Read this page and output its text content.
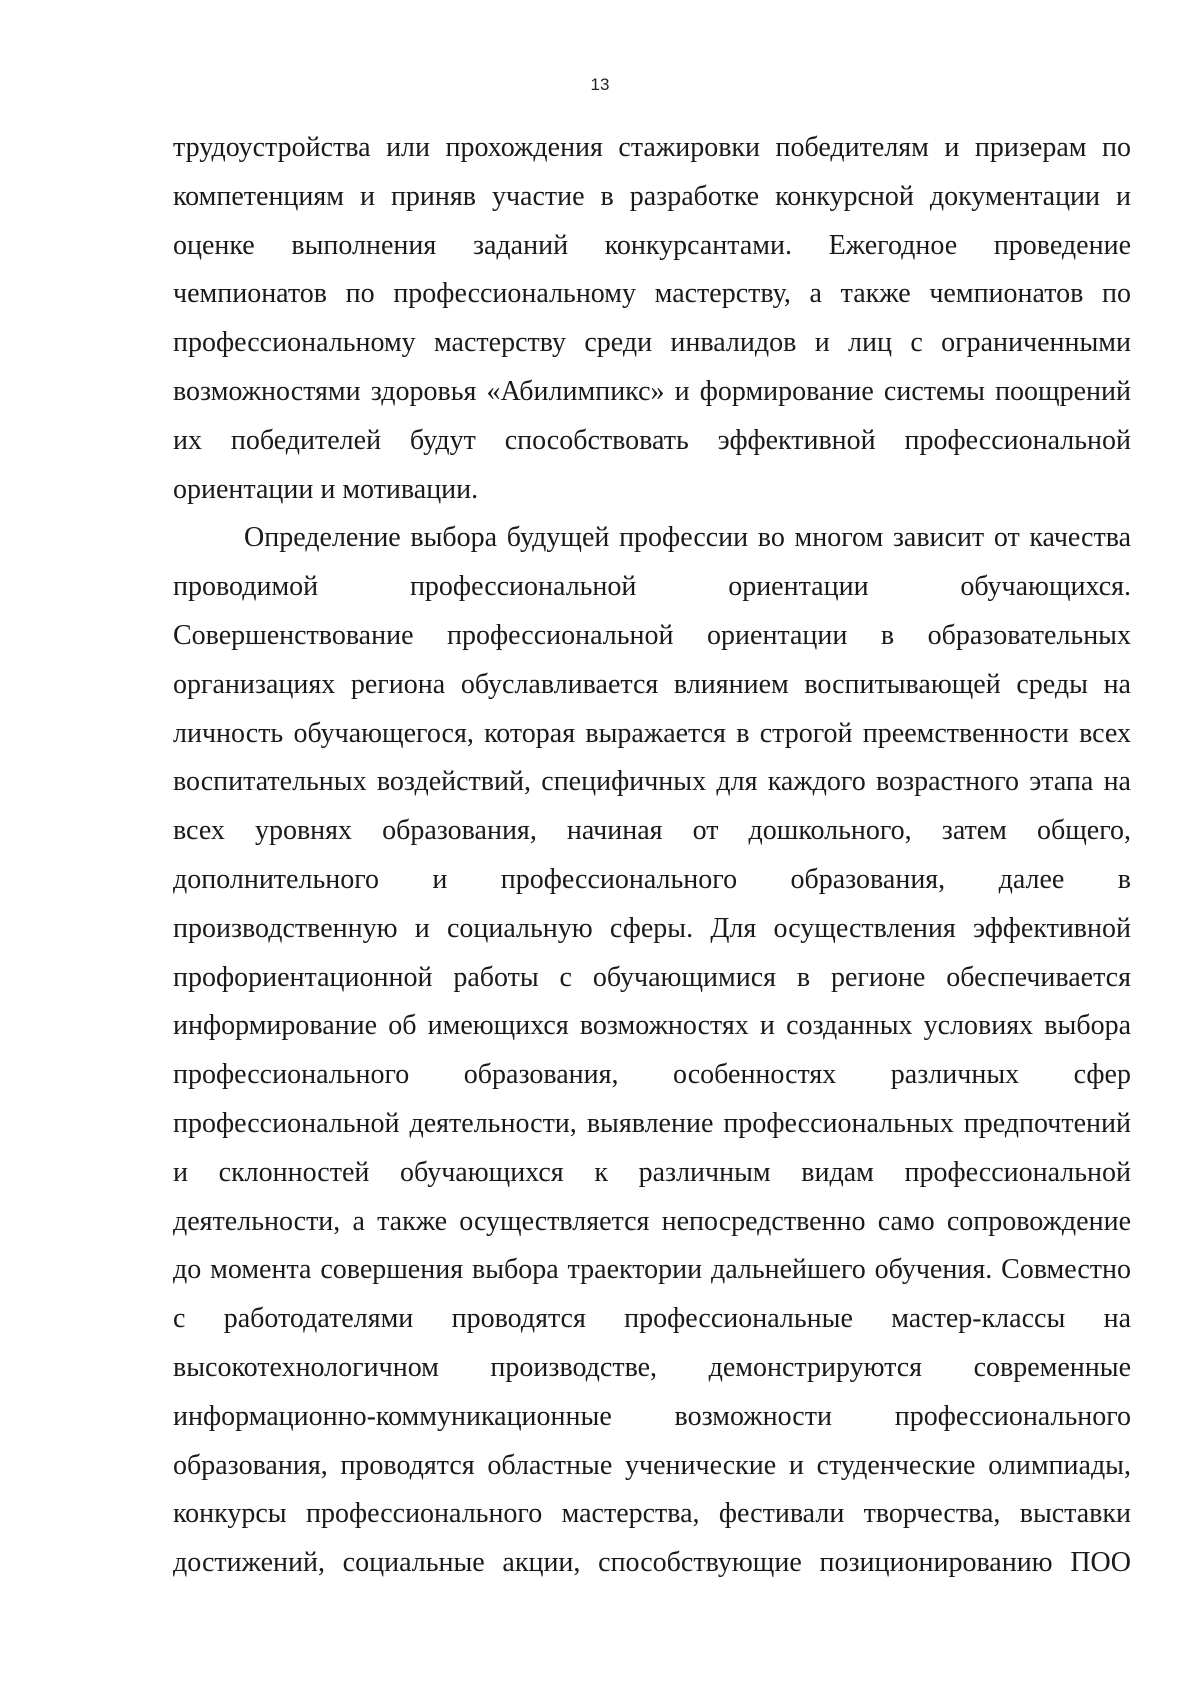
13
трудоустройства или прохождения стажировки победителям и призерам по
компетенциям и приняв участие в разработке конкурсной документации и
оценке выполнения заданий конкурсантами. Ежегодное проведение
чемпионатов по профессиональному мастерству, а также чемпионатов по
профессиональному мастерству среди инвалидов и лиц с ограниченными
возможностями здоровья «Абилимпикс» и формирование системы поощрений
их победителей будут способствовать эффективной профессиональной
ориентации и мотивации.
Определение выбора будущей профессии во многом зависит от качества
проводимой профессиональной ориентации обучающихся.
Совершенствование профессиональной ориентации в образовательных
организациях региона обуславливается влиянием воспитывающей среды на
личность обучающегося, которая выражается в строгой преемственности всех
воспитательных воздействий, специфичных для каждого возрастного этапа на
всех уровнях образования, начиная от дошкольного, затем общего,
дополнительного и профессионального образования, далее в
производственную и социальную сферы. Для осуществления эффективной
профориентационной работы с обучающимися в регионе обеспечивается
информирование об имеющихся возможностях и созданных условиях выбора
профессионального образования, особенностях различных сфер
профессиональной деятельности, выявление профессиональных предпочтений
и склонностей обучающихся к различным видам профессиональной
деятельности, а также осуществляется непосредственно само сопровождение
до момента совершения выбора траектории дальнейшего обучения. Совместно
с работодателями проводятся профессиональные мастер-классы на
высокотехнологичном производстве, демонстрируются современные
информационно-коммуникационные возможности профессионального
образования, проводятся областные ученические и студенческие олимпиады,
конкурсы профессионального мастерства, фестивали творчества, выставки
достижений, социальные акции, способствующие позиционированию ПОО
